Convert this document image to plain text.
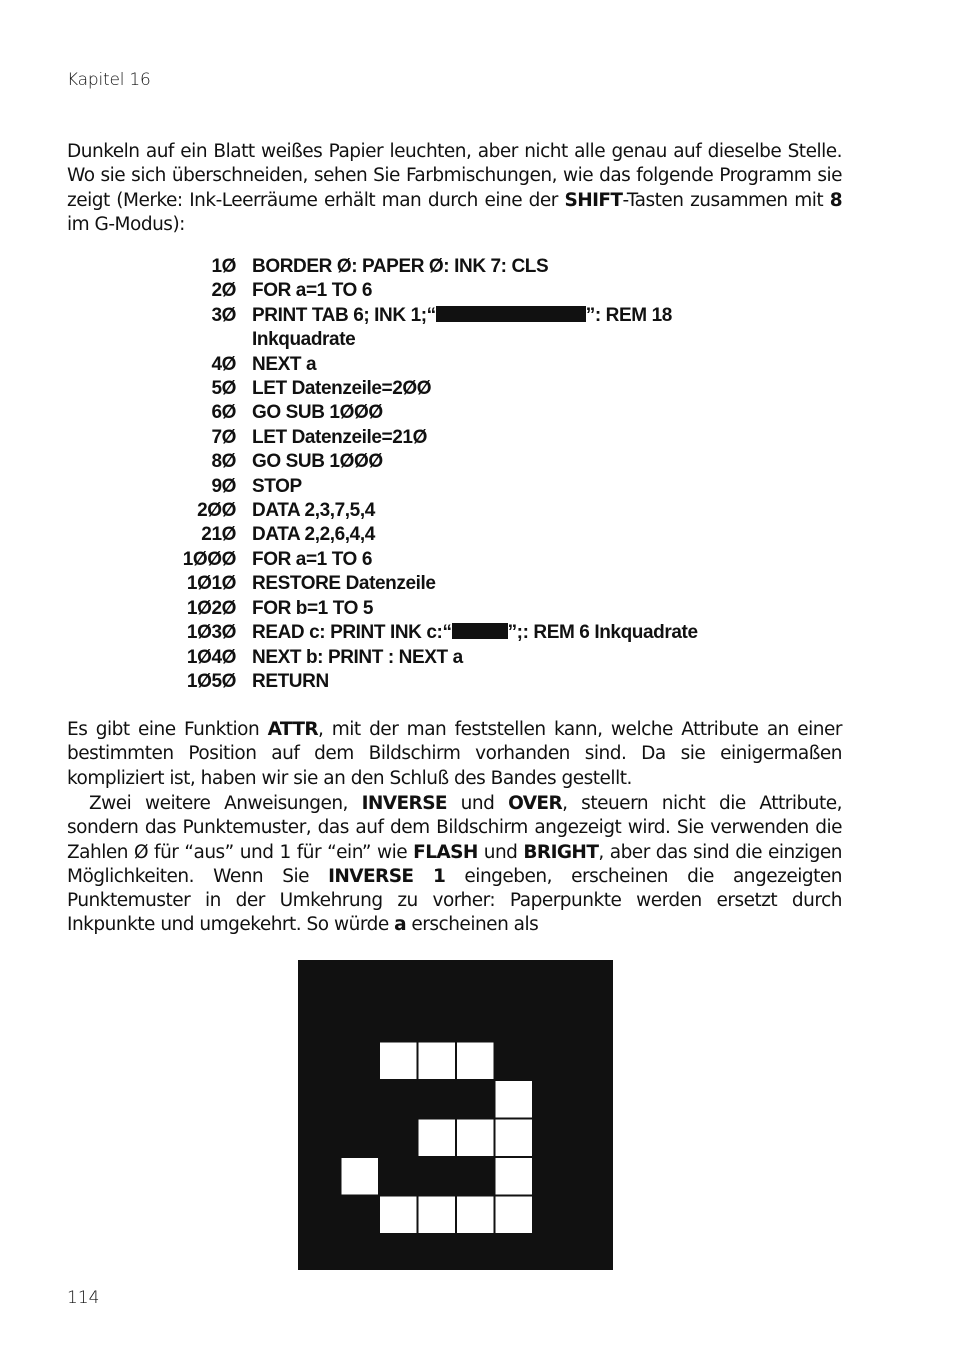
Kapitel 16

Dunkeln auf ein Blatt weißes Papier leuchten, aber nicht alle genau auf dieselbe Stelle. Wo sie sich überschneiden, sehen Sie Farbmischungen, wie das folgende Programm sie zeigt (Merke: Ink-Leerräume erhält man durch eine der SHIFT-Tasten zusammen mit 8 im G-Modus):

1Ø BORDER Ø: PAPER Ø: INK 7: CLS
2Ø FOR a=1 TO 6
3Ø PRINT TAB 6; INK 1;“	”: REM 18
Inkquadrate
4Ø NEXT a
5Ø LET Datenzeile=2ØØ
6Ø GO SUB 1ØØØ
7Ø LET Datenzeile=21Ø
8Ø GO SUB 1ØØØ
9Ø STOP
2ØØ DATA 2,3,7,5,4
21Ø DATA 2,2,6,4,4
1ØØØ FOR a=1 TO 6
1Ø1Ø RESTORE Datenzeile
1Ø2Ø FOR b=1 TO 5
1Ø3Ø READ c: PRINT INK c:“	”;: REM 6 Inkquadrate
1Ø4Ø NEXT b: PRINT : NEXT a
1Ø5Ø RETURN

Es gibt eine Funktion ATTR, mit der man feststellen kann, welche Attribute an einer bestimmten Position auf dem Bildschirm vorhanden sind. Da sie einigermaßen kompliziert ist, haben wir sie an den Schluß des Bandes gestellt.

Zwei weitere Anweisungen, INVERSE und OVER, steuern nicht die Attribute, sondern das Punktemuster, das auf dem Bildschirm angezeigt wird. Sie verwenden die Zahlen Ø für “aus” und 1 für “ein” wie FLASH und BRIGHT, aber das sind die einzigen Möglichkeiten. Wenn Sie INVERSE 1 eingeben, erscheinen die angezeigten Punktemuster in der Umkehrung zu vorher: Paperpunkte werden ersetzt durch Inkpunkte und umgekehrt. So würde a erscheinen als

114
